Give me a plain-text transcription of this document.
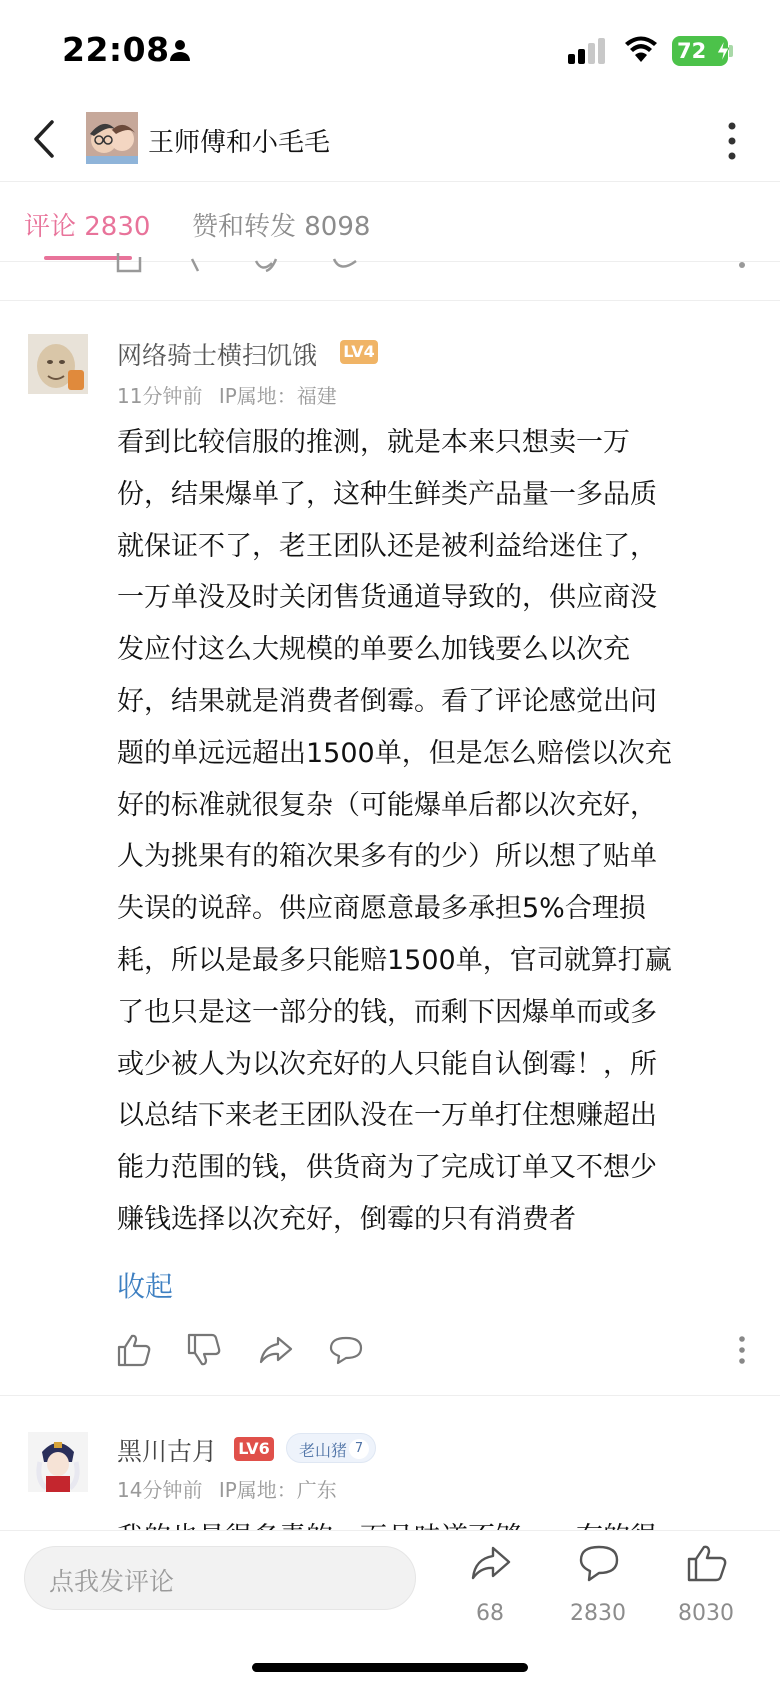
22:08	72
王师傅和小毛毛
评论 2830 赞和转发 8098
网络骑士横扫饥饿 LV4
11分钟前 IP属地：福建
看到比较信服的推测，就是本来只想卖一万
份，结果爆单了，这种生鲜类产品量一多品质
就保证不了，老王团队还是被利益给迷住了，
一万单没及时关闭售货通道导致的，供应商没
发应付这么大规模的单要么加钱要么以次充
好，结果就是消费者倒霉。看了评论感觉出问
题的单远远超出1500单，但是怎么赔偿以次充
好的标准就很复杂（可能爆单后都以次充好，
人为挑果有的箱次果多有的少）所以想了贴单
失误的说辞。供应商愿意最多承担5%合理损
耗，所以是最多只能赔1500单，官司就算打赢
了也只是这一部分的钱，而剩下因爆单而或多
或少被人为以次充好的人只能自认倒霉！，所
以总结下来老王团队没在一万单打住想赚超出
能力范围的钱，供货商为了完成订单又不想少
赚钱选择以次充好，倒霉的只有消费者
收起
黑川古月 LV6 老山猪 7
14分钟前 IP属地：广东
点我发评论
68	2830	8030
